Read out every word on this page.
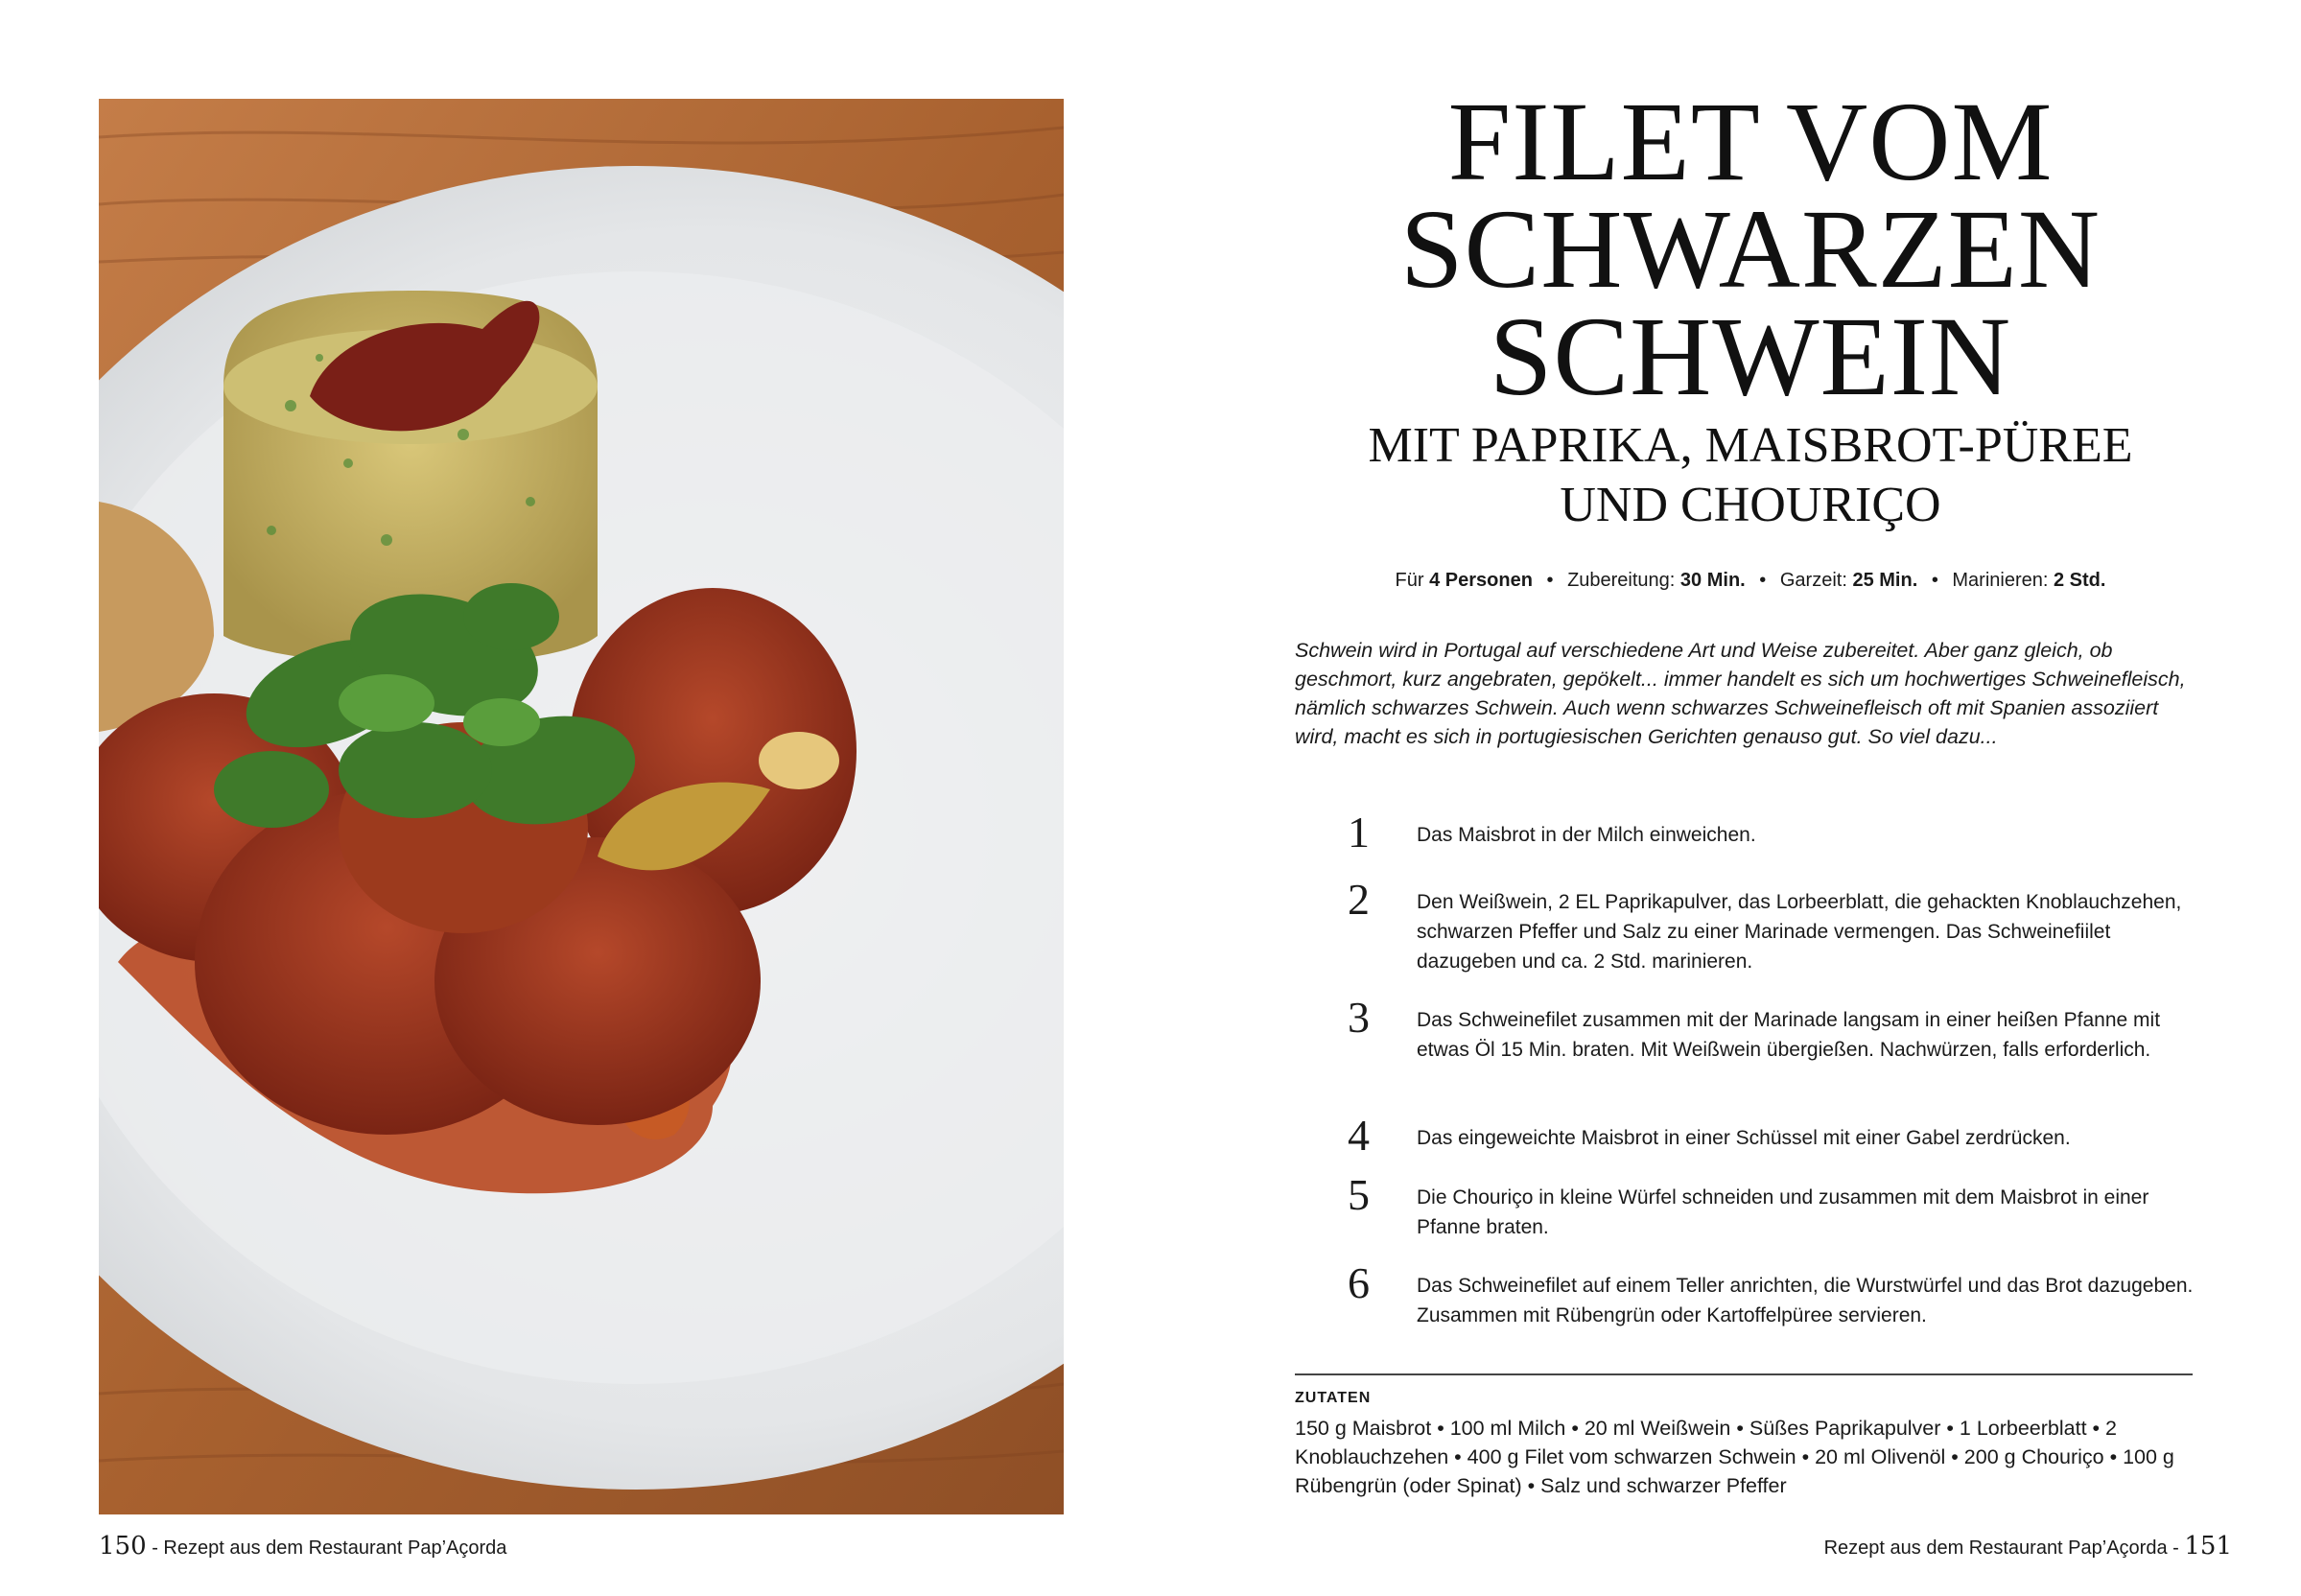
150 - Rezept aus dem Restaurant Pap’Açorda
FILET VOM
SCHWARZEN
SCHWEIN
MIT PAPRIKA, MAISBROT-PÜREE
UND CHOURIÇO
Für 4 Personen • Zubereitung: 30 Min. • Garzeit: 25 Min. • Marinieren: 2 Std.

Schwein wird in Portugal auf verschiedene Art und Weise zubereitet. Aber ganz gleich, ob geschmort, kurz angebraten, gepökelt... immer handelt es sich um hochwertiges Schweinefleisch, nämlich schwarzes Schwein. Auch wenn schwarzes Schweinefleisch oft mit Spanien assoziiert wird, macht es sich in portugiesischen Gerichten genauso gut. So viel dazu...

1	Das Maisbrot in der Milch einweichen.
2	Den Weißwein, 2 EL Paprikapulver, das Lorbeerblatt, die gehackten Knoblauchzehen, schwarzen Pfeffer und Salz zu einer Marinade vermengen. Das Schweinefiilet dazugeben und ca. 2 Std. marinieren.
3	Das Schweinefilet zusammen mit der Marinade langsam in einer heißen Pfanne mit etwas Öl 15 Min. braten. Mit Weißwein übergießen. Nachwürzen, falls erforderlich.
4	Das eingeweichte Maisbrot in einer Schüssel mit einer Gabel zerdrücken.
5	Die Chouriço in kleine Würfel schneiden und zusammen mit dem Maisbrot in einer Pfanne braten.
6	Das Schweinefilet auf einem Teller anrichten, die Wurstwürfel und das Brot dazugeben. Zusammen mit Rübengrün oder Kartoffelpüree servieren.
ZUTATEN

150 g Maisbrot • 100 ml Milch • 20 ml Weißwein • Süßes Paprikapulver • 1 Lorbeerblatt • 2 Knoblauchzehen • 400 g Filet vom schwarzen Schwein • 20 ml Olivenöl • 200 g Chouriço • 100 g Rübengrün (oder Spinat) • Salz und schwarzer Pfeffer

Rezept aus dem Restaurant Pap’Açorda - 151
